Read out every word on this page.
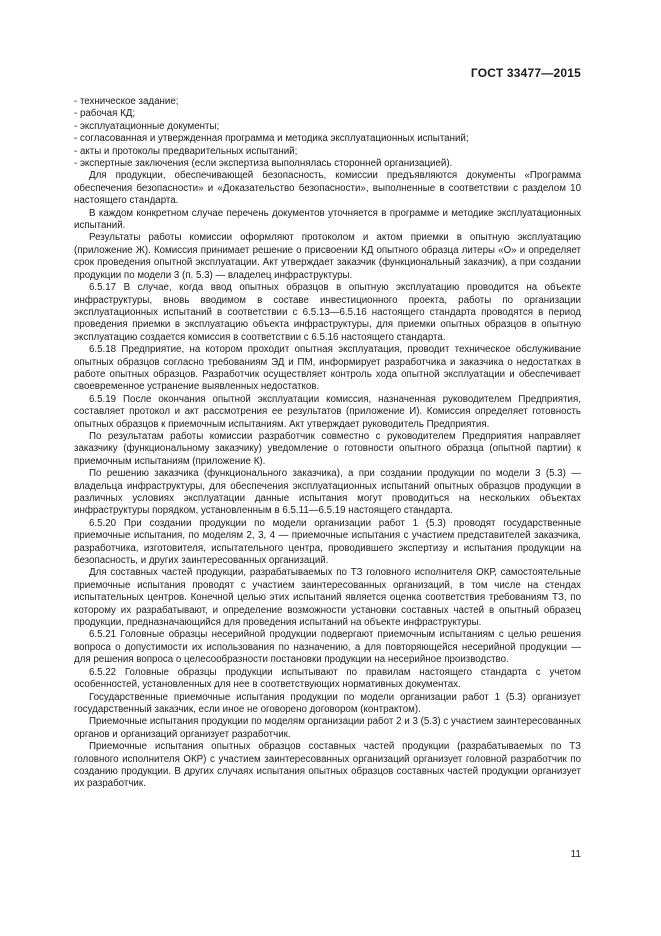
ГОСТ 33477—2015
- техническое задание;
- рабочая КД;
- эксплуатационные документы;
- согласованная и утвержденная программа и методика эксплуатационных испытаний;
- акты и протоколы предварительных испытаний;
- экспертные заключения (если экспертиза выполнялась сторонней организацией).

Для продукции, обеспечивающей безопасность, комиссии предъявляются документы «Программа обеспечения безопасности» и «Доказательство безопасности», выполненные в соответствии с разделом 10 настоящего стандарта.

В каждом конкретном случае перечень документов уточняется в программе и методике эксплуатационных испытаний.

Результаты работы комиссии оформляют протоколом и актом приемки в опытную эксплуатацию (приложение Ж). Комиссия принимает решение о присвоении КД опытного образца литеры «О» и определяет срок проведения опытной эксплуатации. Акт утверждает заказчик (функциональный заказчик), а при создании продукции по модели 3 (п. 5.3) — владелец инфраструктуры.

6.5.17 В случае, когда ввод опытных образцов в опытную эксплуатацию проводится на объекте инфраструктуры, вновь вводимом в составе инвестиционного проекта, работы по организации эксплуатационных испытаний в соответствии с 6.5.13—6.5.16 настоящего стандарта проводятся в период проведения приемки в эксплуатацию объекта инфраструктуры, для приемки опытных образцов в опытную эксплуатацию создается комиссия в соответствии с 6.5.16 настоящего стандарта.

6.5.18 Предприятие, на котором проходит опытная эксплуатация, проводит техническое обслуживание опытных образцов согласно требованиям ЭД и ПМ, информирует разработчика и заказчика о недостатках в работе опытных образцов. Разработчик осуществляет контроль хода опытной эксплуатации и обеспечивает своевременное устранение выявленных недостатков.

6.5.19 После окончания опытной эксплуатации комиссия, назначенная руководителем Предприятия, составляет протокол и акт рассмотрения ее результатов (приложение И). Комиссия определяет готовность опытных образцов к приемочным испытаниям. Акт утверждает руководитель Предприятия.

По результатам работы комиссии разработчик совместно с руководителем Предприятия направляет заказчику (функциональному заказчику) уведомление о готовности опытного образца (опытной партии) к приемочным испытаниям (приложение К).

По решению заказчика (функционального заказчика), а при создании продукции по модели 3 (5.3) — владельца инфраструктуры, для обеспечения эксплуатационных испытаний опытных образцов продукции в различных условиях эксплуатации данные испытания могут проводиться на нескольких объектах инфраструктуры порядком, установленным в 6.5.11—6.5.19 настоящего стандарта.

6.5.20 При создании продукции по модели организации работ 1 (5.3) проводят государственные приемочные испытания, по моделям 2, 3, 4 — приемочные испытания с участием представителей заказчика, разработчика, изготовителя, испытательного центра, проводившего экспертизу и испытания продукции на безопасность, и других заинтересованных организаций.

Для составных частей продукции, разрабатываемых по ТЗ головного исполнителя ОКР, самостоятельные приемочные испытания проводят с участием заинтересованных организаций, в том числе на стендах испытательных центров. Конечной целью этих испытаний является оценка соответствия требованиям ТЗ, по которому их разрабатывают, и определение возможности установки составных частей в опытный образец продукции, предназначающийся для проведения испытаний на объекте инфраструктуры.

6.5.21 Головные образцы несерийной продукции подвергают приемочным испытаниям с целью решения вопроса о допустимости их использования по назначению, а для повторяющейся несерийной продукции — для решения вопроса о целесообразности постановки продукции на несерийное производство.

6.5.22 Головные образцы продукции испытывают по правилам настоящего стандарта с учетом особенностей, установленных для нее в соответствующих нормативных документах.

Государственные приемочные испытания продукции по модели организации работ 1 (5.3) организует государственный заказчик, если иное не оговорено договором (контрактом).

Приемочные испытания продукции по моделям организации работ 2 и 3 (5.3) с участием заинтересованных органов и организаций организует разработчик.

Приемочные испытания опытных образцов составных частей продукции (разрабатываемых по ТЗ головного исполнителя ОКР) с участием заинтересованных организаций организует головной разработчик по созданию продукции. В других случаях испытания опытных образцов составных частей продукции организует их разработчик.

11
